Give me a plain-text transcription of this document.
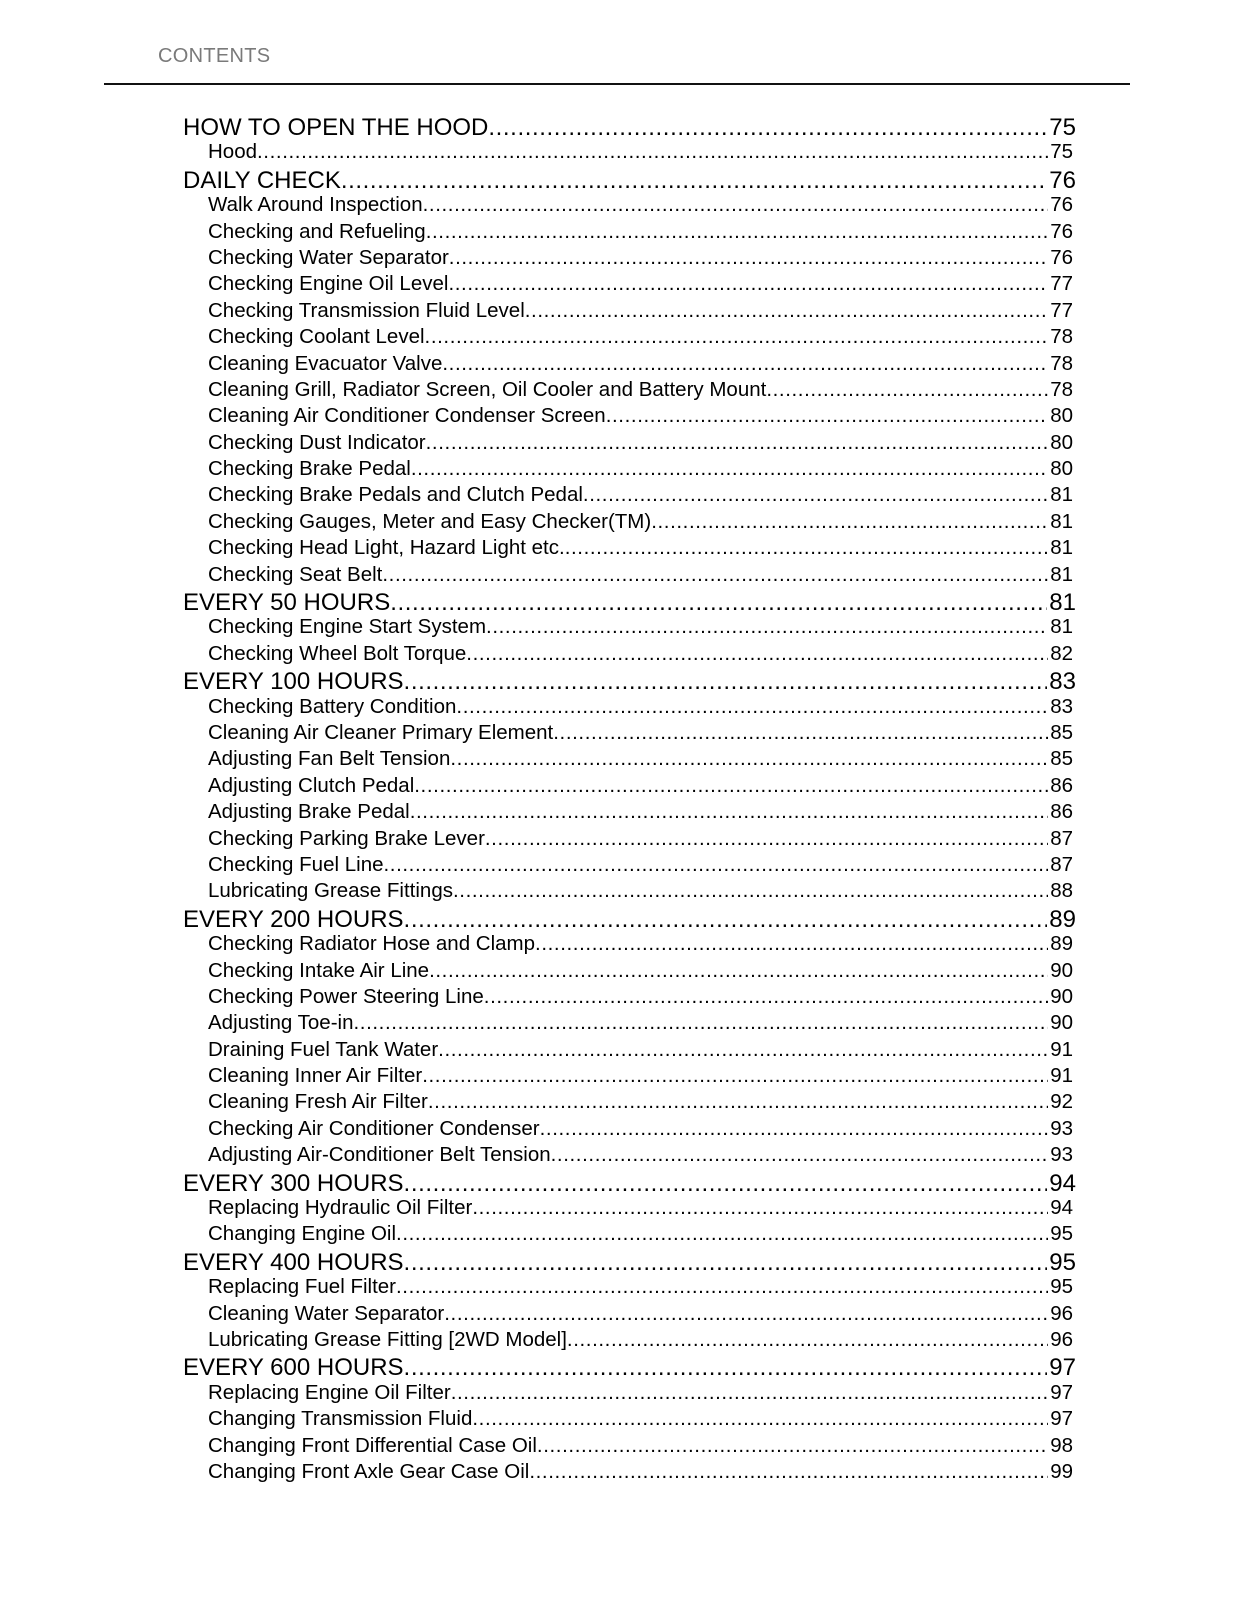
CONTENTS
HOW TO OPEN THE HOOD .....	75
Hood .....	75
DAILY CHECK .....	76
Walk Around Inspection .....	76
Checking and Refueling .....	76
Checking Water Separator .....	76
Checking Engine Oil Level .....	77
Checking Transmission Fluid Level .....	77
Checking Coolant Level .....	78
Cleaning Evacuator Valve .....	78
Cleaning Grill, Radiator Screen, Oil Cooler and Battery Mount .....	78
Cleaning Air Conditioner Condenser Screen .....	80
Checking Dust Indicator .....	80
Checking Brake Pedal .....	80
Checking Brake Pedals and Clutch Pedal .....	81
Checking Gauges, Meter and Easy Checker(TM) .....	81
Checking Head Light, Hazard Light etc. .....	81
Checking Seat Belt .....	81
EVERY 50 HOURS .....	81
Checking Engine Start System .....	81
Checking Wheel Bolt Torque .....	82
EVERY 100 HOURS .....	83
Checking Battery Condition .....	83
Cleaning Air Cleaner Primary Element .....	85
Adjusting Fan Belt Tension .....	85
Adjusting Clutch Pedal .....	86
Adjusting Brake Pedal .....	86
Checking Parking Brake Lever .....	87
Checking Fuel Line .....	87
Lubricating Grease Fittings .....	88
EVERY 200 HOURS .....	89
Checking Radiator Hose and Clamp .....	89
Checking Intake Air Line .....	90
Checking Power Steering Line .....	90
Adjusting Toe-in .....	90
Draining Fuel Tank Water .....	91
Cleaning Inner Air Filter .....	91
Cleaning Fresh Air Filter .....	92
Checking Air Conditioner Condenser .....	93
Adjusting Air-Conditioner Belt Tension .....	93
EVERY 300 HOURS .....	94
Replacing Hydraulic Oil Filter .....	94
Changing Engine Oil .....	95
EVERY 400 HOURS .....	95
Replacing Fuel Filter .....	95
Cleaning Water Separator .....	96
Lubricating Grease Fitting [2WD Model] .....	96
EVERY 600 HOURS .....	97
Replacing Engine Oil Filter .....	97
Changing Transmission Fluid .....	97
Changing Front Differential Case Oil .....	98
Changing Front Axle Gear Case Oil .....	99
